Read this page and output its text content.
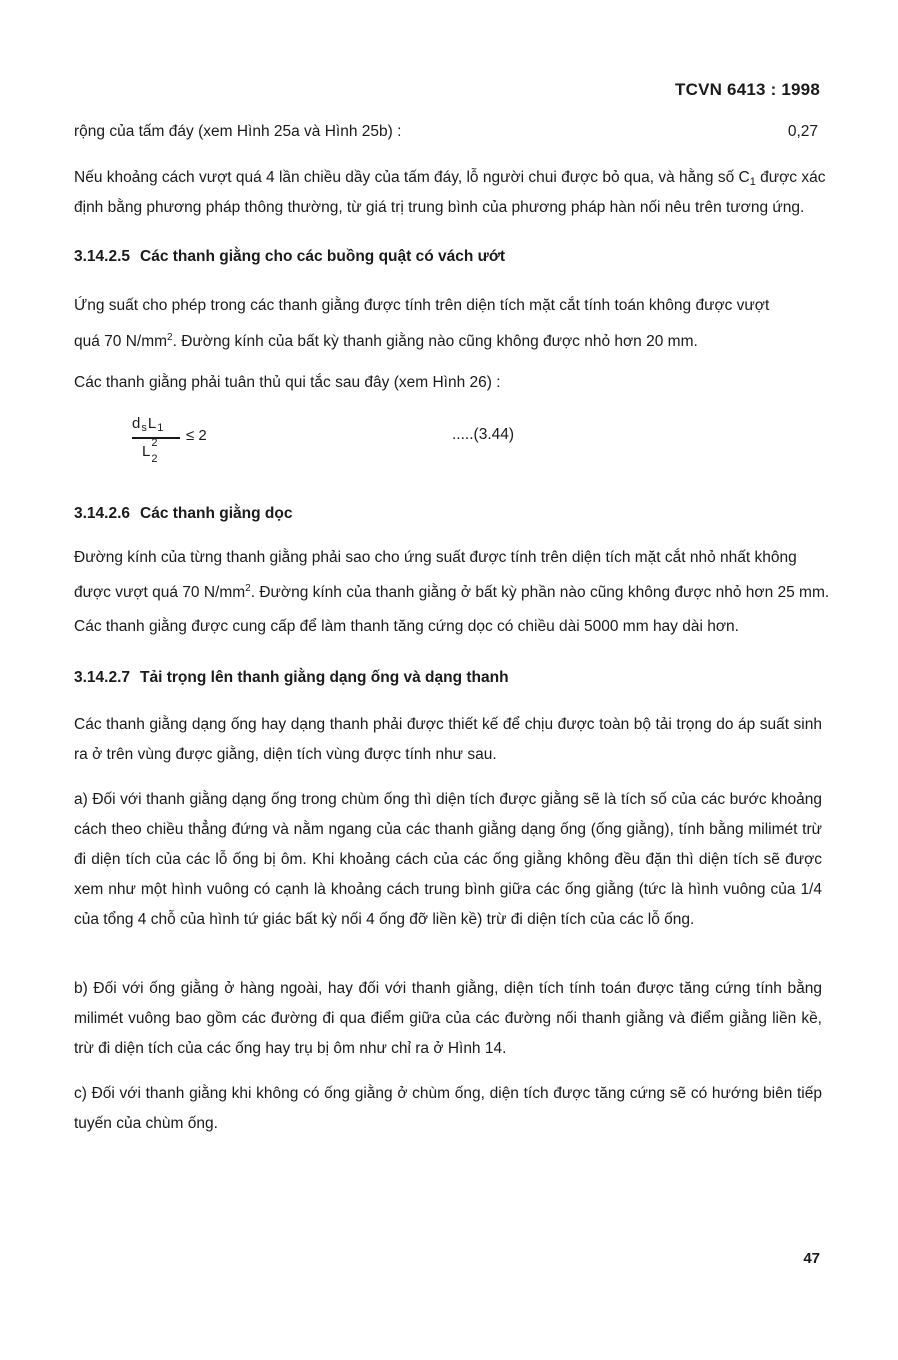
TCVN 6413 : 1998
rộng của tấm đáy (xem Hình 25a và Hình 25b) :	0,27
Nếu khoảng cách vượt quá 4 lần chiều dầy của tấm đáy, lỗ người chui được bỏ qua, và hằng số $C_1$ được xác
định bằng phương pháp thông thường, từ giá trị trung bình của phương pháp hàn nối nêu trên tương ứng.
3.14.2.5 Các thanh giằng cho các buồng quật có vách ướt
Ứng suất cho phép trong các thanh giằng được tính trên diện tích mặt cắt tính toán không được vượt
quá 70 $N/mm^2$. Đường kính của bất kỳ thanh giằng nào cũng không được nhỏ hơn 20 mm.
Các thanh giằng phải tuân thủ qui tắc sau đây (xem Hình 26) :
$d_sL_1$
L 2
2
≤ 2	.....(3.44)
3.14.2.6 Các thanh giằng dọc
Đường kính của từng thanh giằng phải sao cho ứng suất được tính trên diện tích mặt cắt nhỏ nhất không
được vượt quá 70 $N/mm^2$. Đường kính của thanh giằng ở bất kỳ phần nào cũng không được nhỏ hơn 25 mm.
Các thanh giằng được cung cấp để làm thanh tăng cứng dọc có chiều dài 5000 mm hay dài hơn.
3.14.2.7 Tải trọng lên thanh giằng dạng ống và dạng thanh
Các thanh giằng dạng ống hay dạng thanh phải được thiết kế để chịu được toàn bộ tải trọng do áp suất sinh ra ở trên vùng được giằng, diện tích vùng được tính như sau.
a) Đối với thanh giằng dạng ống trong chùm ống thì diện tích được giằng sẽ là tích số của các bước khoảng cách theo chiều thẳng đứng và nằm ngang của các thanh giằng dạng ống (ống giằng), tính bằng milimét trừ đi diện tích của các lỗ ống bị ôm. Khi khoảng cách của các ống giằng không đều đặn thì diện tích sẽ được xem như một hình vuông có cạnh là khoảng cách trung bình giữa các ống giằng (tức là hình vuông của 1/4 của tổng 4 chỗ của hình tứ giác bất kỳ nối 4 ống đỡ liền kề) trừ đi diện tích của các lỗ ống.
b) Đối với ống giằng ở hàng ngoài, hay đối với thanh giằng, diện tích tính toán được tăng cứng tính bằng milimét vuông bao gồm các đường đi qua điểm giữa của các đường nối thanh giằng và điểm giằng liền kề, trừ đi diện tích của các ống hay trụ bị ôm như chỉ ra ở Hình 14.
c) Đối với thanh giằng khi không có ống giằng ở chùm ống, diện tích được tăng cứng sẽ có hướng biên tiếp tuyến của chùm ống.
47
